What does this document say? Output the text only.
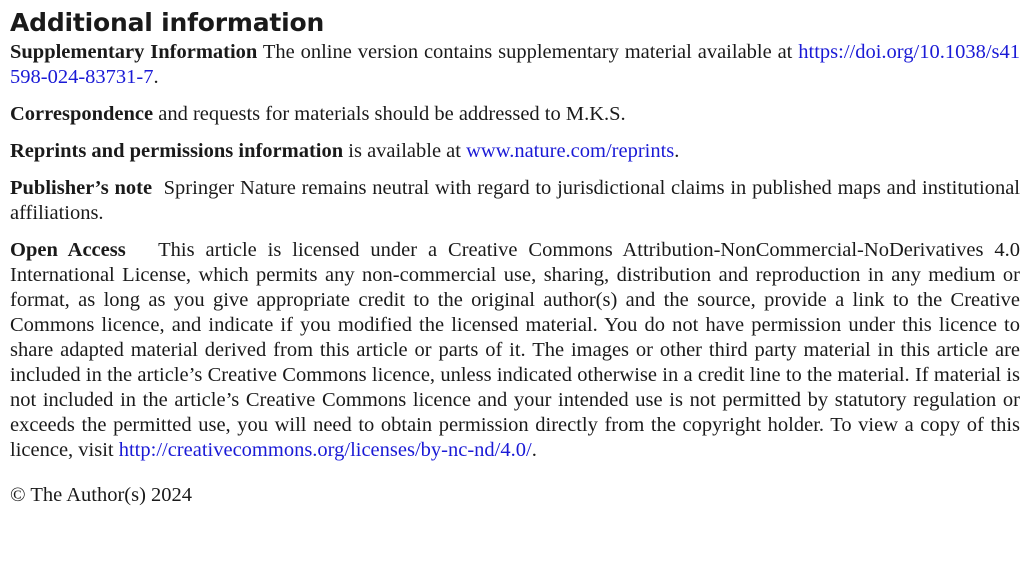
Additional information

Supplementary Information The online version contains supplementary material available at https://doi.org/10.1038/s41598-024-83731-7.

Correspondence and requests for materials should be addressed to M.K.S.

Reprints and permissions information is available at www.nature.com/reprints.

Publisher’s note  Springer Nature remains neutral with regard to jurisdictional claims in published maps and institutional affiliations.

Open Access   This article is licensed under a Creative Commons Attribution-NonCommercial-NoDerivatives 4.0 International License, which permits any non-commercial use, sharing, distribution and reproduction in any medium or format, as long as you give appropriate credit to the original author(s) and the source, provide a link to the Creative Commons licence, and indicate if you modified the licensed material. You do not have permission under this licence to share adapted material derived from this article or parts of it. The images or other third party material in this article are included in the article’s Creative Commons licence, unless indicated otherwise in a credit line to the material. If material is not included in the article’s Creative Commons licence and your intended use is not permitted by statutory regulation or exceeds the permitted use, you will need to obtain permission directly from the copyright holder. To view a copy of this licence, visit http://creativecommons.org/licenses/by-nc-nd/4.0/.

© The Author(s) 2024
